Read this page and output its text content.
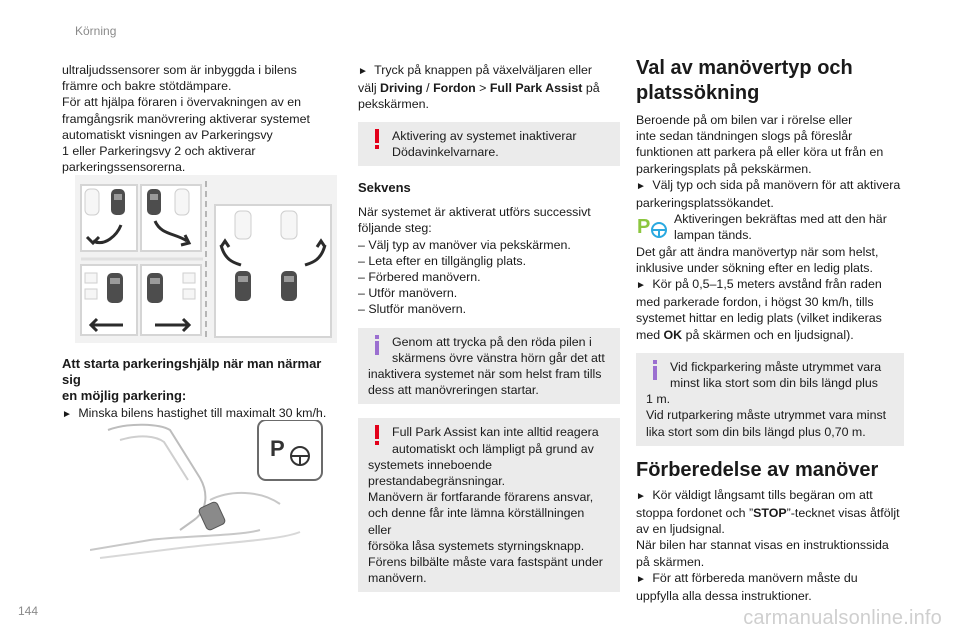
Körning
144	carmanualsonline.info

ultraljudssensorer som är inbyggda i bilens

främre och bakre stötdämpare.

För att hjälpa föraren i övervakningen av en

framgångsrik manövrering aktiverar systemet

automatiskt visningen av Parkeringsvy

1 eller Parkeringsvy 2 och aktiverar

parkeringssensorerna.

Att starta parkeringshjälp när man närmar sig

en möjlig parkering:

► Minska bilens hastighet till maximalt 30 km/h.

P

► Tryck på knappen på växelväljaren eller

välj Driving / Fordon > Full Park Assist på

pekskärmen.

Aktivering av systemet inaktiverar

Dödavinkelvarnare.

Sekvens

När systemet är aktiverat utförs successivt

följande steg:

– Välj typ av manöver via pekskärmen.

– Leta efter en tillgänglig plats.

– Förbered manövern.

– Utför manövern.

– Slutför manövern.

Genom att trycka på den röda pilen i

skärmens övre vänstra hörn går det att

inaktivera systemet när som helst fram tills

dess att manövreringen startar.

Full Park Assist kan inte alltid reagera

automatiskt och lämpligt på grund av

systemets inneboende

prestandabegränsningar.

Manövern är fortfarande förarens ansvar,

och denne får inte lämna körställningen eller

försöka låsa systemets styrningsknapp.

Förens bilbälte måste vara fastspänt under

manövern.

Val av manövertyp och

platssökning

Beroende på om bilen var i rörelse eller

inte sedan tändningen slogs på föreslår

funktionen att parkera på eller köra ut från en

parkeringsplats på pekskärmen.

► Välj typ och sida på manövern för att aktivera

parkeringsplatssökandet.

P Aktiveringen bekräftas med att den här

lampan tänds.

Det går att ändra manövertyp när som helst,

inklusive under sökning efter en ledig plats.

► Kör på 0,5–1,5 meters avstånd från raden

med parkerade fordon, i högst 30 km/h, tills

systemet hittar en ledig plats (vilket indikeras

med OK på skärmen och en ljudsignal).

Vid fickparkering måste utrymmet vara

minst lika stort som din bils längd plus

1 m.

Vid rutparkering måste utrymmet vara minst

lika stort som din bils längd plus 0,70 m.

Förberedelse av manöver

► Kör väldigt långsamt tills begäran om att

stoppa fordonet och ”STOP”-tecknet visas åtföljt

av en ljudsignal.

När bilen har stannat visas en instruktionssida

på skärmen.

► För att förbereda manövern måste du

uppfylla alla dessa instruktioner.
